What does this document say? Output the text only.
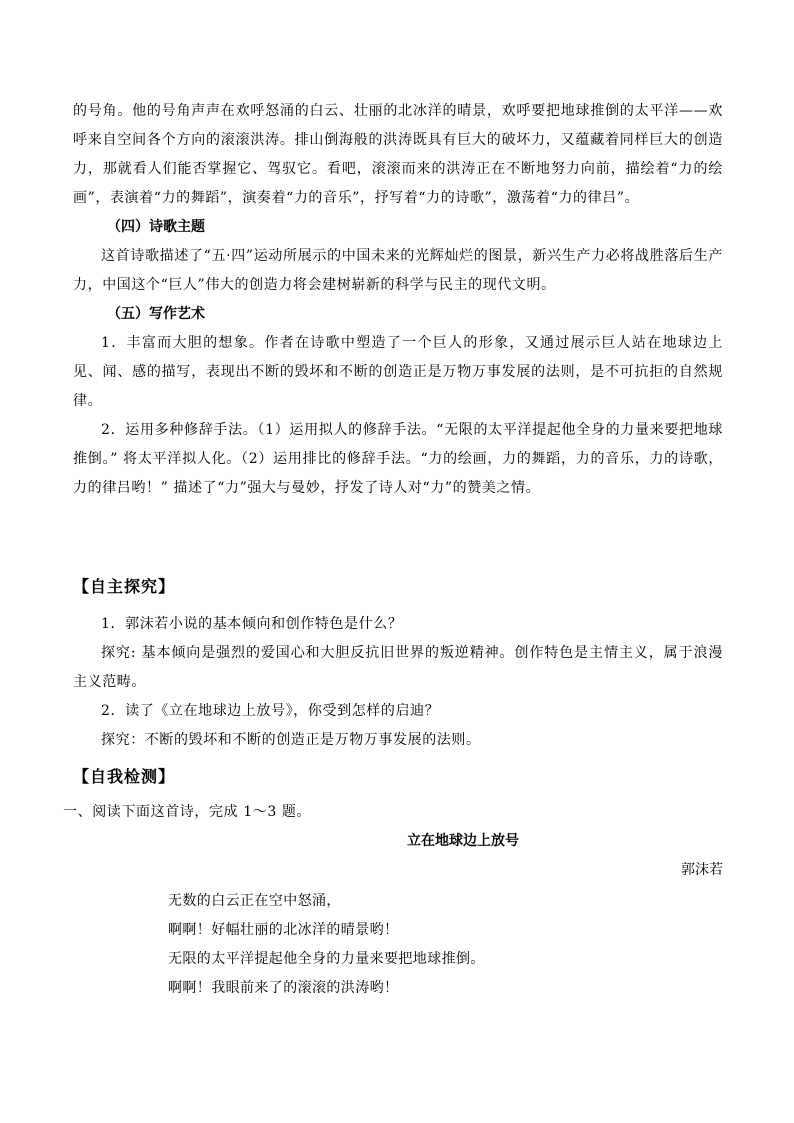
的号角。他的号角声声在欢呼怒涌的白云、壮丽的北冰洋的晴景，欢呼要把地球推倒的太平洋——欢呼来自空间各个方向的滚滚洪涛。排山倒海般的洪涛既具有巨大的破坏力，又蕴藏着同样巨大的创造力，那就看人们能否掌握它、驾驭它。看吧，滚滚而来的洪涛正在不断地努力向前，描绘着“力的绘画”，表演着“力的舞蹈”，演奏着“力的音乐”，抒写着“力的诗歌”，激荡着“力的律吕”。

（四）诗歌主题

这首诗歌描述了“五·四”运动所展示的中国未来的光辉灿烂的图景，新兴生产力必将战胜落后生产力，中国这个“巨人”伟大的创造力将会建树崭新的科学与民主的现代文明。

（五）写作艺术

1．丰富而大胆的想象。作者在诗歌中塑造了一个巨人的形象，又通过展示巨人站在地球边上见、闻、感的描写，表现出不断的毁坏和不断的创造正是万物万事发展的法则，是不可抗拒的自然规律。

2．运用多种修辞手法。（1）运用拟人的修辞手法。“无限的太平洋提起他全身的力量来要把地球推倒。” 将太平洋拟人化。（2）运用排比的修辞手法。“力的绘画，力的舞蹈，力的音乐，力的诗歌，力的律吕哟！” 描述了“力”强大与曼妙，抒发了诗人对“力”的赞美之情。

【自主探究】

1．郭沫若小说的基本倾向和创作特色是什么？

探究: 基本倾向是强烈的爱国心和大胆反抗旧世界的叛逆精神。创作特色是主情主义，属于浪漫主义范畴。

2．读了《立在地球边上放号》，你受到怎样的启迪？

探究：不断的毁坏和不断的创造正是万物万事发展的法则。

【自我检测】

一、阅读下面这首诗，完成 1～3 题。

立在地球边上放号

郭沫若

无数的白云正在空中怒涌，

啊啊！好幅壮丽的北冰洋的晴景哟！

无限的太平洋提起他全身的力量来要把地球推倒。

啊啊！我眼前来了的滚滚的洪涛哟！
